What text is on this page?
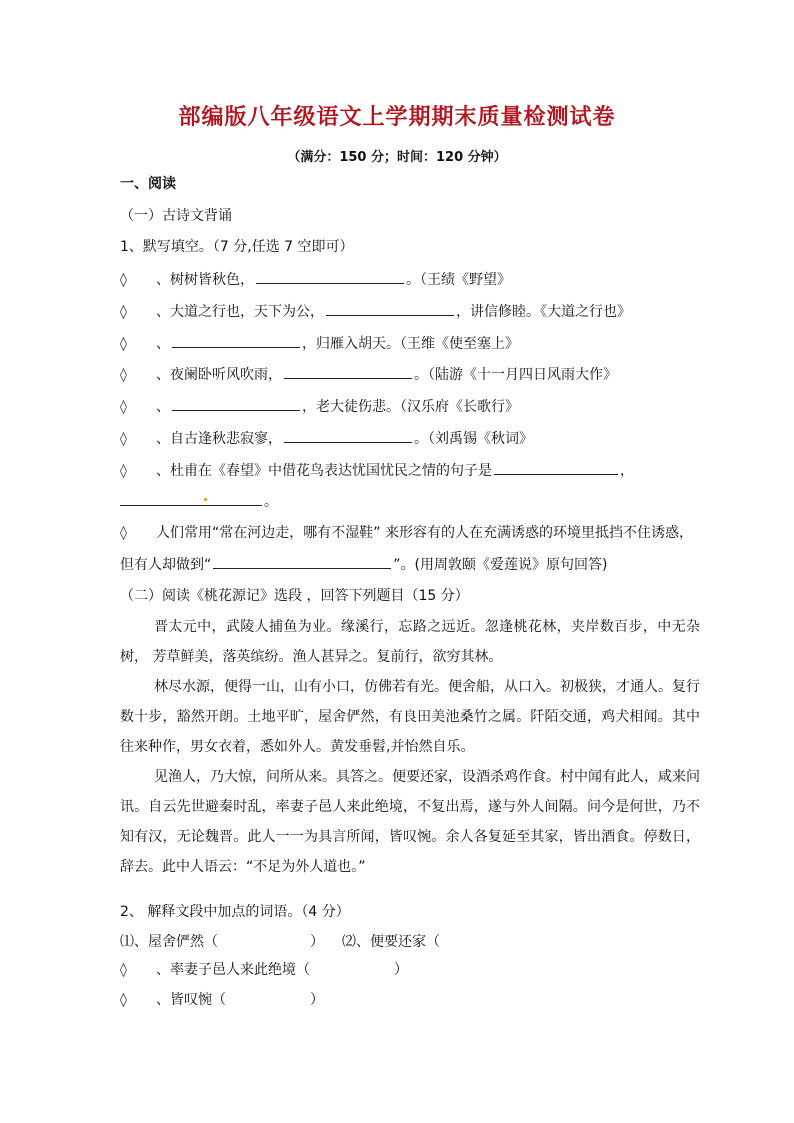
部编版八年级语文上学期期末质量检测试卷
（满分：150 分；时间：120 分钟）
一、阅读
（一）古诗文背诵
1、默写填空。（7 分,任选 7 空即可）
◊ 、树树皆秋色，	。（王绩《野望》
◊ 、大道之行也，天下为公，	，讲信修睦。《大道之行也》
◊ 、	，归雁入胡天。（王维《使至塞上》
◊ 、夜阑卧听风吹雨，	。（陆游《十一月四日风雨大作》
◊ 、	，老大徒伤悲。（汉乐府《长歌行》
◊ 、自古逢秋悲寂寥，	。（刘禹锡《秋词》
◊ 、杜甫在《春望》中借花鸟表达忧国忧民之情的句子是	，
。
◊ 人们常用“常在河边走，哪有不湿鞋” 来形容有的人在充满诱惑的环境里抵挡不住诱惑，
但有人却做到“	”。(用周敦颐《爱莲说》原句回答)
（二）阅读《桃花源记》选段 ，回答下列题目（15 分）

晋太元中，武陵人捕鱼为业。缘溪行，忘路之远近。忽逢桃花林，夹岸数百步，中无杂树， 芳草鲜美，落英缤纷。渔人甚异之。复前行，欲穷其林。

林尽水源，便得一山，山有小口，仿佛若有光。便舍船，从口入。初极狭，才通人。复行 数十步，豁然开朗。土地平旷，屋舍俨然，有良田美池桑竹之属。阡陌交通，鸡犬相闻。其中往来种作，男女衣着，悉如外人。黄发垂髫,并怡然自乐。

见渔人，乃大惊，问所从来。具答之。便要还家，设酒杀鸡作食。村中闻有此人，咸来问讯。自云先世避秦时乱，率妻子邑人来此绝境，不复出焉，遂与外人间隔。问今是何世，乃不知有汉，无论魏晋。此人一一为具言所闻，皆叹惋。余人各复延至其家，皆出酒食。停数日， 辞去。此中人语云：“不足为外人道也。”

2、 解释文段中加点的词语。（4 分）
⑴、屋舍俨然（	） ⑵、便要还家（
◊ 、率妻子邑人来此绝境（	）
◊ 、皆叹惋（	）
